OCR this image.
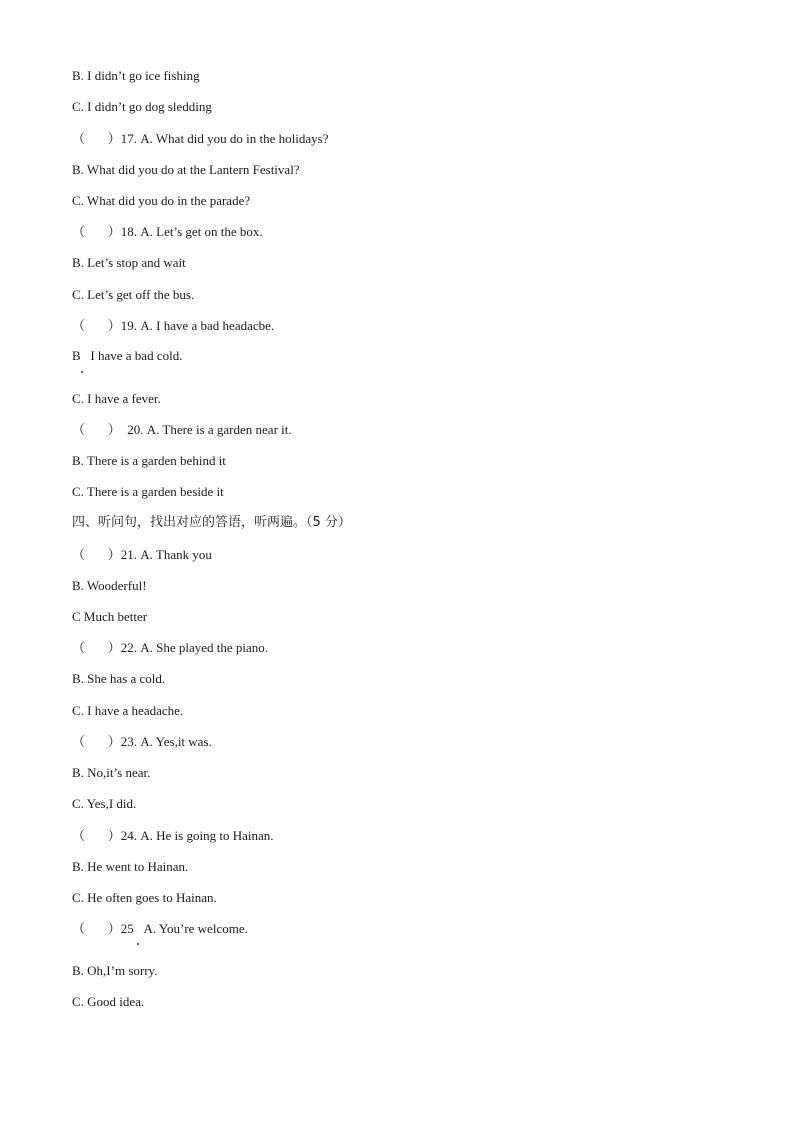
B. I didn’t go ice fishing
C. I didn’t go dog sledding
（       ）17. A. What did you do in the holidays?
B. What did you do at the Lantern Festival?
C. What did you do in the parade?
（       ）18. A. Let’s get on the box.
B. Let’s stop and wait
C. Let’s get off the bus.
（       ）19. A. I have a bad headacbe.
B   I have a bad cold.
C. I have a fever.
（       ）  20. A. There is a garden near it.
B. There is a garden behind it
C. There is a garden beside it
四、听问句，找出对应的答语，听两遍。（5 分）
（       ）21. A. Thank you
B. Wooderful!
C Much better
（       ）22. A. She played the piano.
B. She has a cold.
C. I have a headache.
（       ）23. A. Yes,it was.
B. No,it’s near.
C. Yes,I did.
（       ）24. A. He is going to Hainan.
B. He went to Hainan.
C. He often goes to Hainan.
（       ）25   A. You’re welcome.
B. Oh,I’m sorry.
C. Good idea.
